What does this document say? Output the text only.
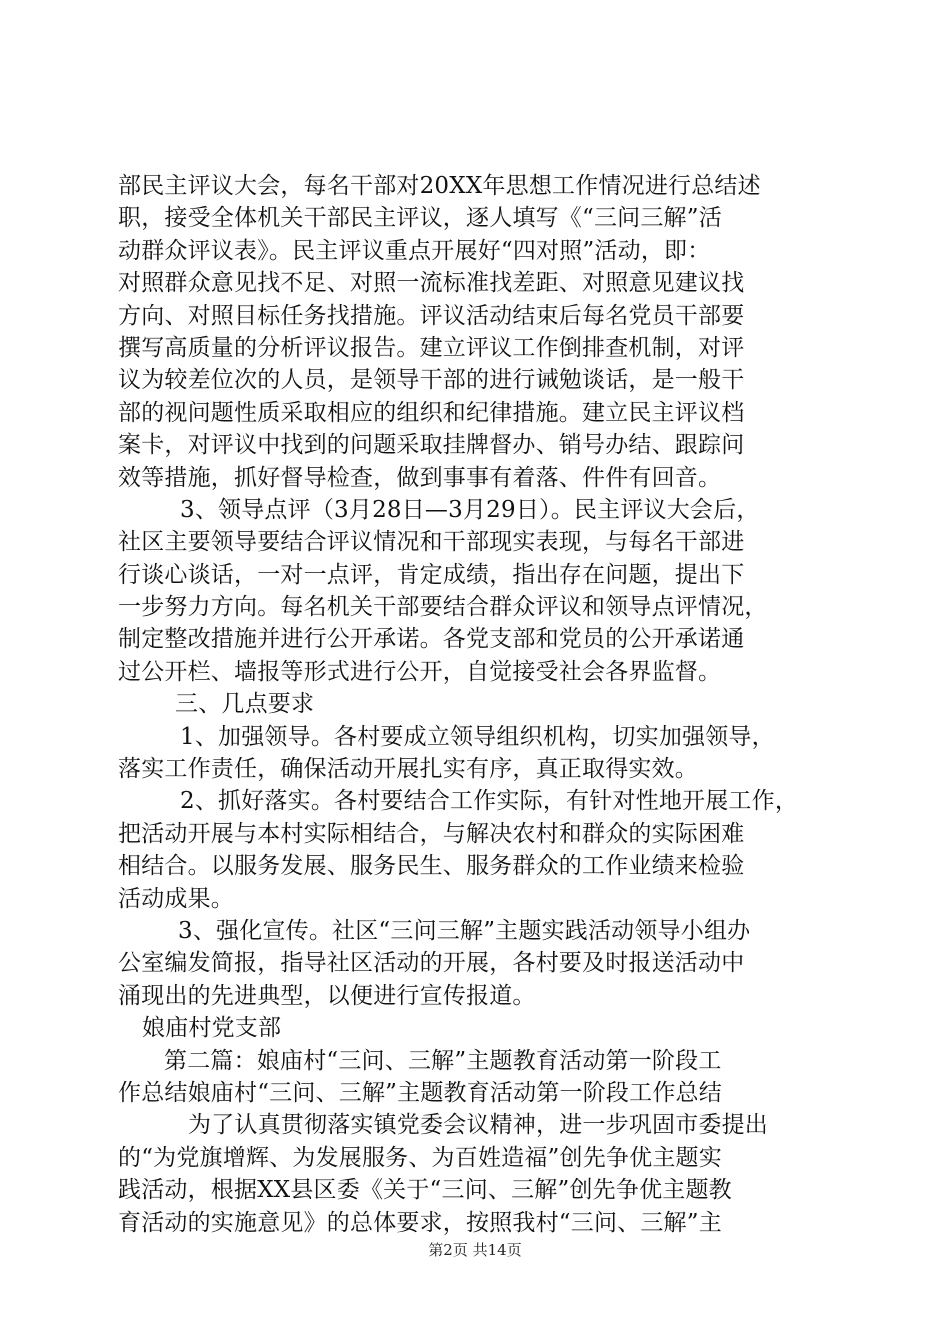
部民主评议大会，每名干部对20XX年思想工作情况进行总结述
职，接受全体机关干部民主评议，逐人填写《“三问三解”活
动群众评议表》。民主评议重点开展好“四对照”活动，即：
对照群众意见找不足、对照一流标准找差距、对照意见建议找
方向、对照目标任务找措施。评议活动结束后每名党员干部要
撰写高质量的分析评议报告。建立评议工作倒排查机制，对评
议为较差位次的人员，是领导干部的进行诫勉谈话，是一般干
部的视问题性质采取相应的组织和纪律措施。建立民主评议档
案卡，对评议中找到的问题采取挂牌督办、销号办结、跟踪问
效等措施，抓好督导检查，做到事事有着落、件件有回音。
3、领导点评（3月28日—3月29日）。民主评议大会后，
社区主要领导要结合评议情况和干部现实表现，与每名干部进
行谈心谈话，一对一点评，肯定成绩，指出存在问题，提出下
一步努力方向。每名机关干部要结合群众评议和领导点评情况，
制定整改措施并进行公开承诺。各党支部和党员的公开承诺通
过公开栏、墙报等形式进行公开，自觉接受社会各界监督。
三、几点要求
1、加强领导。各村要成立领导组织机构，切实加强领导，
落实工作责任，确保活动开展扎实有序，真正取得实效。
2、抓好落实。各村要结合工作实际，有针对性地开展工作，
把活动开展与本村实际相结合，与解决农村和群众的实际困难
相结合。以服务发展、服务民生、服务群众的工作业绩来检验
活动成果。
3、强化宣传。社区“三问三解”主题实践活动领导小组办
公室编发简报，指导社区活动的开展，各村要及时报送活动中
涌现出的先进典型，以便进行宣传报道。
娘庙村党支部
第二篇：娘庙村“三问、三解”主题教育活动第一阶段工
作总结娘庙村“三问、三解”主题教育活动第一阶段工作总结
为了认真贯彻落实镇党委会议精神，进一步巩固市委提出
的“为党旗增辉、为发展服务、为百姓造福”创先争优主题实
践活动，根据XX县区委《关于“三问、三解”创先争优主题教
育活动的实施意见》的总体要求，按照我村“三问、三解”主
第2页 共14页
